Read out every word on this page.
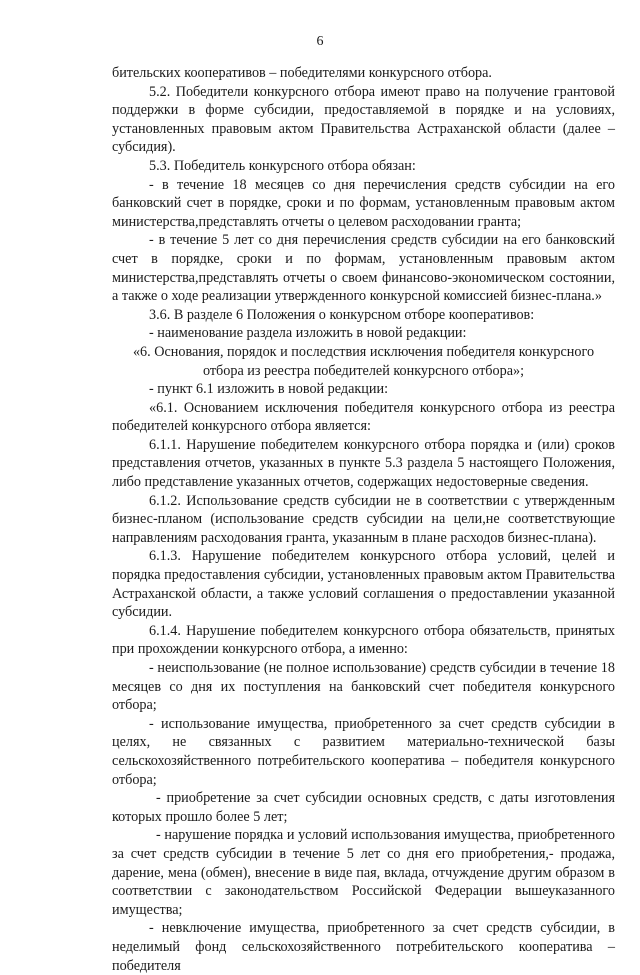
6

бительских кооперативов – победителями конкурсного отбора.

5.2. Победители конкурсного отбора имеют право на получение грантовой поддержки в форме субсидии, предоставляемой в порядке и на условиях, установленных правовым актом Правительства Астраханской области (далее – субсидия).

5.3. Победитель конкурсного отбора обязан:

- в течение 18 месяцев со дня перечисления средств субсидии на его банковский счет в порядке, сроки и по формам, установленным правовым актом министерства,представлять отчеты о целевом расходовании гранта;

- в течение 5 лет со дня перечисления средств субсидии на его банковский счет в порядке, сроки и по формам, установленным правовым актом министерства,представлять отчеты о своем финансово-экономическом состоянии, а также о ходе реализации утвержденного конкурсной комиссией бизнес-плана.»

3.6. В разделе 6 Положения о конкурсном отборе кооперативов:

- наименование раздела изложить в новой редакции:

«6. Основания, порядок и последствия исключения победителя конкурсного отбора из реестра победителей конкурсного отбора»;

- пункт 6.1 изложить в новой редакции:

«6.1. Основанием исключения победителя конкурсного отбора из реестра победителей конкурсного отбора является:

6.1.1. Нарушение победителем конкурсного отбора порядка и (или) сроков представления отчетов, указанных в пункте 5.3 раздела 5 настоящего Положения, либо представление указанных отчетов, содержащих недостоверные сведения.

6.1.2. Использование средств субсидии не в соответствии с утвержденным бизнес-планом (использование средств субсидии на цели,не соответствующие направлениям расходования гранта, указанным в плане расходов бизнес-плана).

6.1.3. Нарушение победителем конкурсного отбора условий, целей и порядка предоставления субсидии, установленных правовым актом Правительства Астраханской области, а также условий соглашения о предоставлении указанной субсидии.

6.1.4. Нарушение победителем конкурсного отбора обязательств, принятых при прохождении конкурсного отбора, а именно:

- неиспользование (не полное использование) средств субсидии в течение 18 месяцев со дня их поступления на банковский счет победителя конкурсного отбора;

- использование имущества, приобретенного за счет средств субсидии в целях, не связанных с развитием материально-технической базы сельскохозяйственного потребительского кооператива – победителя конкурсного отбора;

- приобретение за счет субсидии основных средств, с даты изготовления которых прошло более 5 лет;

- нарушение порядка и условий использования имущества, приобретенного за счет средств субсидии в течение 5 лет со дня его приобретения,- продажа, дарение, мена (обмен), внесение в виде пая, вклада, отчуждение другим образом в соответствии с законодательством Российской Федерации вышеуказанного имущества;

- невключение имущества, приобретенного за счет средств субсидии, в неделимый фонд сельскохозяйственного потребительского кооператива – победителя
